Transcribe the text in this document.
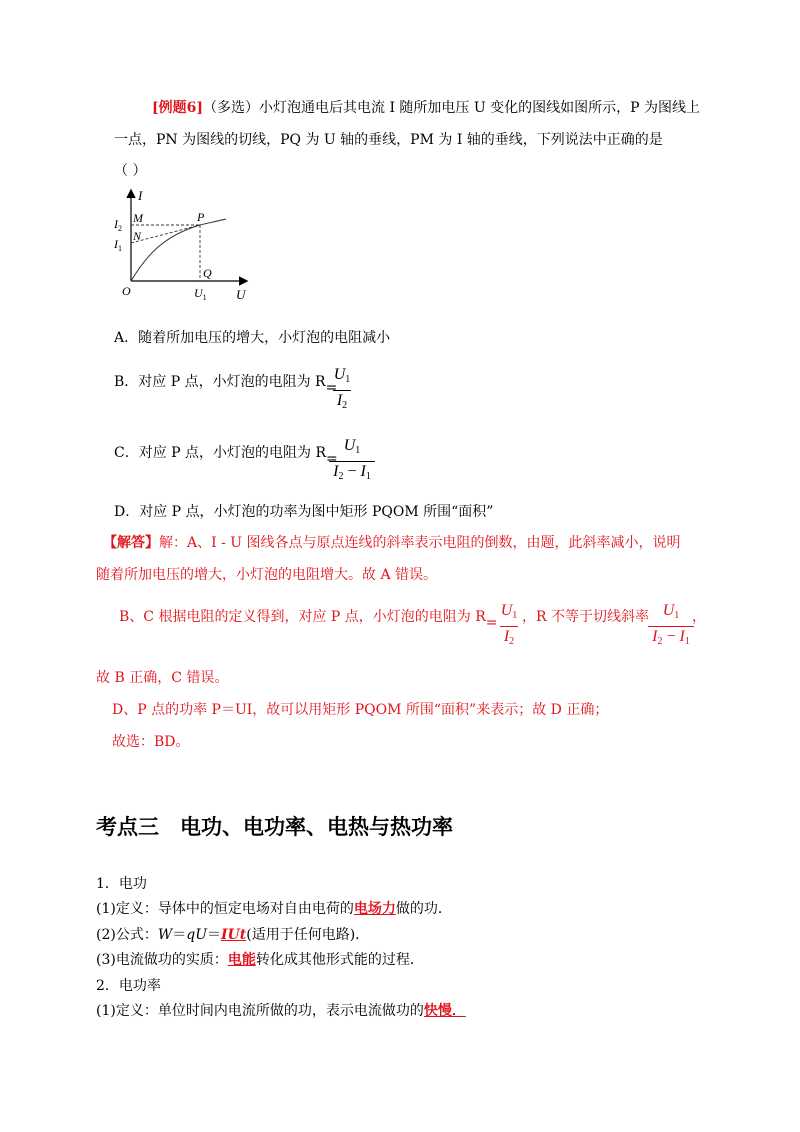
[例题6]（多选）小灯泡通电后其电流 I 随所加电压 U 变化的图线如图所示，P 为图线上
一点，PN 为图线的切线，PQ 为 U 轴的垂线，PM 为 I 轴的垂线，下列说法中正确的是
（ ）
I
U
O
$I_2$
$I_1$
M
N
P
Q
$U_1$
A．随着所加电压的增大，小灯泡的电阻减小
B．对应 P 点，小灯泡的电阻为 R=
$U_1$
$I_2$
C．对应 P 点，小灯泡的电阻为 R=
$U_1$
$I_2 - I_1$
D．对应 P 点，小灯泡的功率为图中矩形 PQOM 所围“面积”
【解答】解：A、I - U 图线各点与原点连线的斜率表示电阻的倒数，由题，此斜率减小，说明
随着所加电压的增大，小灯泡的电阻增大。故 A 错误。
B、C 根据电阻的定义得到，对应 P 点，小灯泡的电阻为 R=
$U_1$
$I_2$
，R 不等于切线斜率 $U_1$
$I_2 - I_1$
，
故 B 正确，C 错误。
D、P 点的功率 P＝UI，故可以用矩形 PQOM 所围“面积”来表示；故 D 正确；
故选：BD。
考点三　电功、电功率、电热与热功率
1．电功
(1)定义：导体中的恒定电场对自由电荷的电场力做的功．
(2)公式：W＝qU＝IUt(适用于任何电路)．
(3)电流做功的实质：电能转化成其他形式能的过程．
2．电功率
(1)定义：单位时间内电流所做的功，表示电流做功的快慢．
